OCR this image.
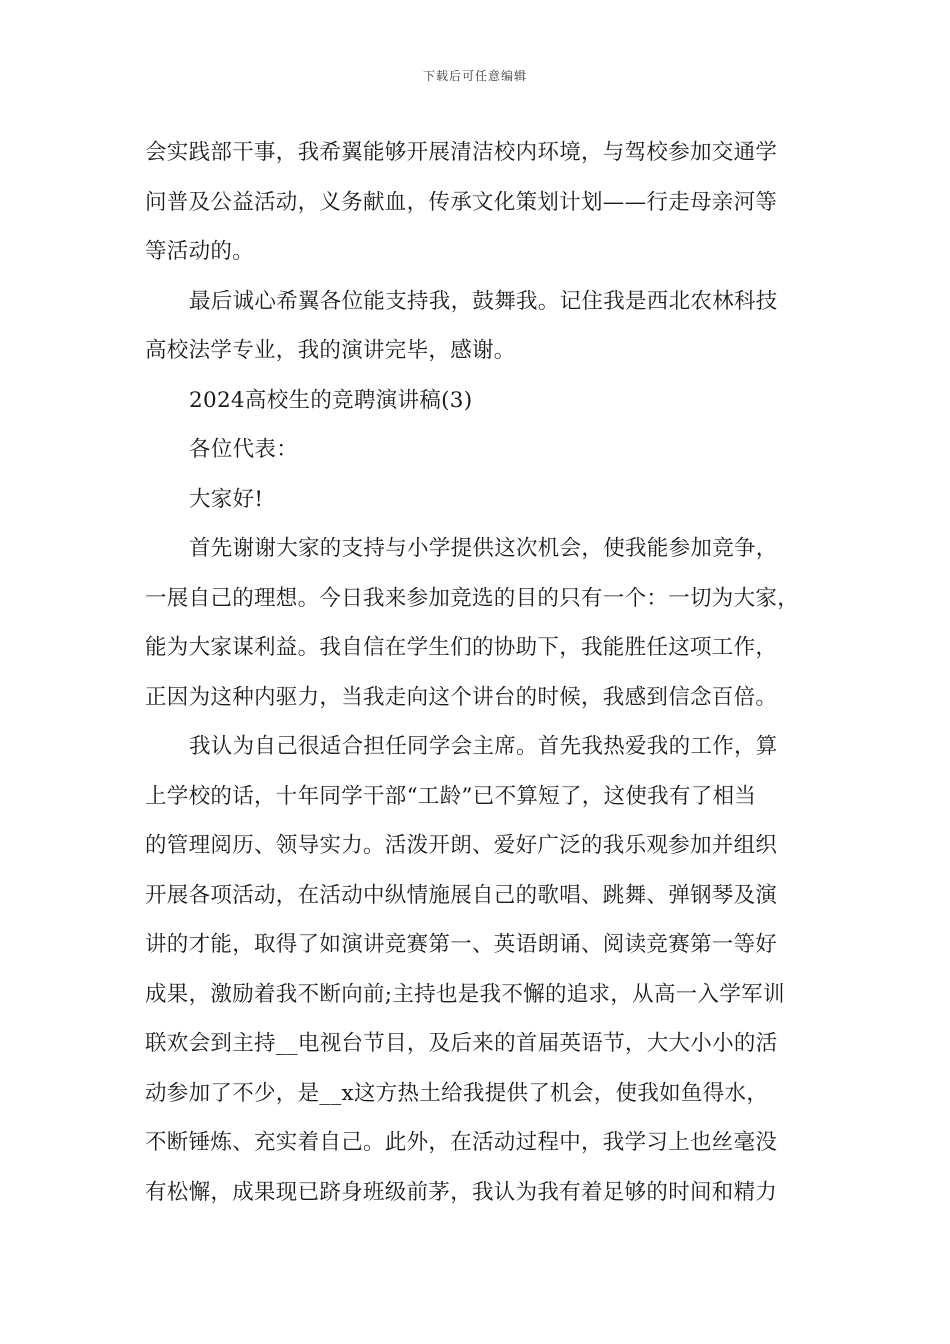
下载后可任意编辑
会实践部干事，我希翼能够开展清洁校内环境，与驾校参加交通学
问普及公益活动，义务献血，传承文化策划计划——行走母亲河等
等活动的。
最后诚心希翼各位能支持我，鼓舞我。记住我是西北农林科技
高校法学专业，我的演讲完毕，感谢。
2024高校生的竞聘演讲稿(3)
各位代表：
大家好!
首先谢谢大家的支持与小学提供这次机会，使我能参加竞争，
一展自己的理想。今日我来参加竞选的目的只有一个：一切为大家，
能为大家谋利益。我自信在学生们的协助下，我能胜任这项工作，
正因为这种内驱力，当我走向这个讲台的时候，我感到信念百倍。
我认为自己很适合担任同学会主席。首先我热爱我的工作，算
上学校的话，十年同学干部“工龄”已不算短了，这使我有了相当
的管理阅历、领导实力。活泼开朗、爱好广泛的我乐观参加并组织
开展各项活动，在活动中纵情施展自己的歌唱、跳舞、弹钢琴及演
讲的才能，取得了如演讲竞赛第一、英语朗诵、阅读竞赛第一等好
成果，激励着我不断向前;主持也是我不懈的追求，从高一入学军训
联欢会到主持__电视台节目，及后来的首届英语节，大大小小的活
动参加了不少，是__x这方热土给我提供了机会，使我如鱼得水，
不断锤炼、充实着自己。此外，在活动过程中，我学习上也丝毫没
有松懈，成果现已跻身班级前茅，我认为我有着足够的时间和精力
